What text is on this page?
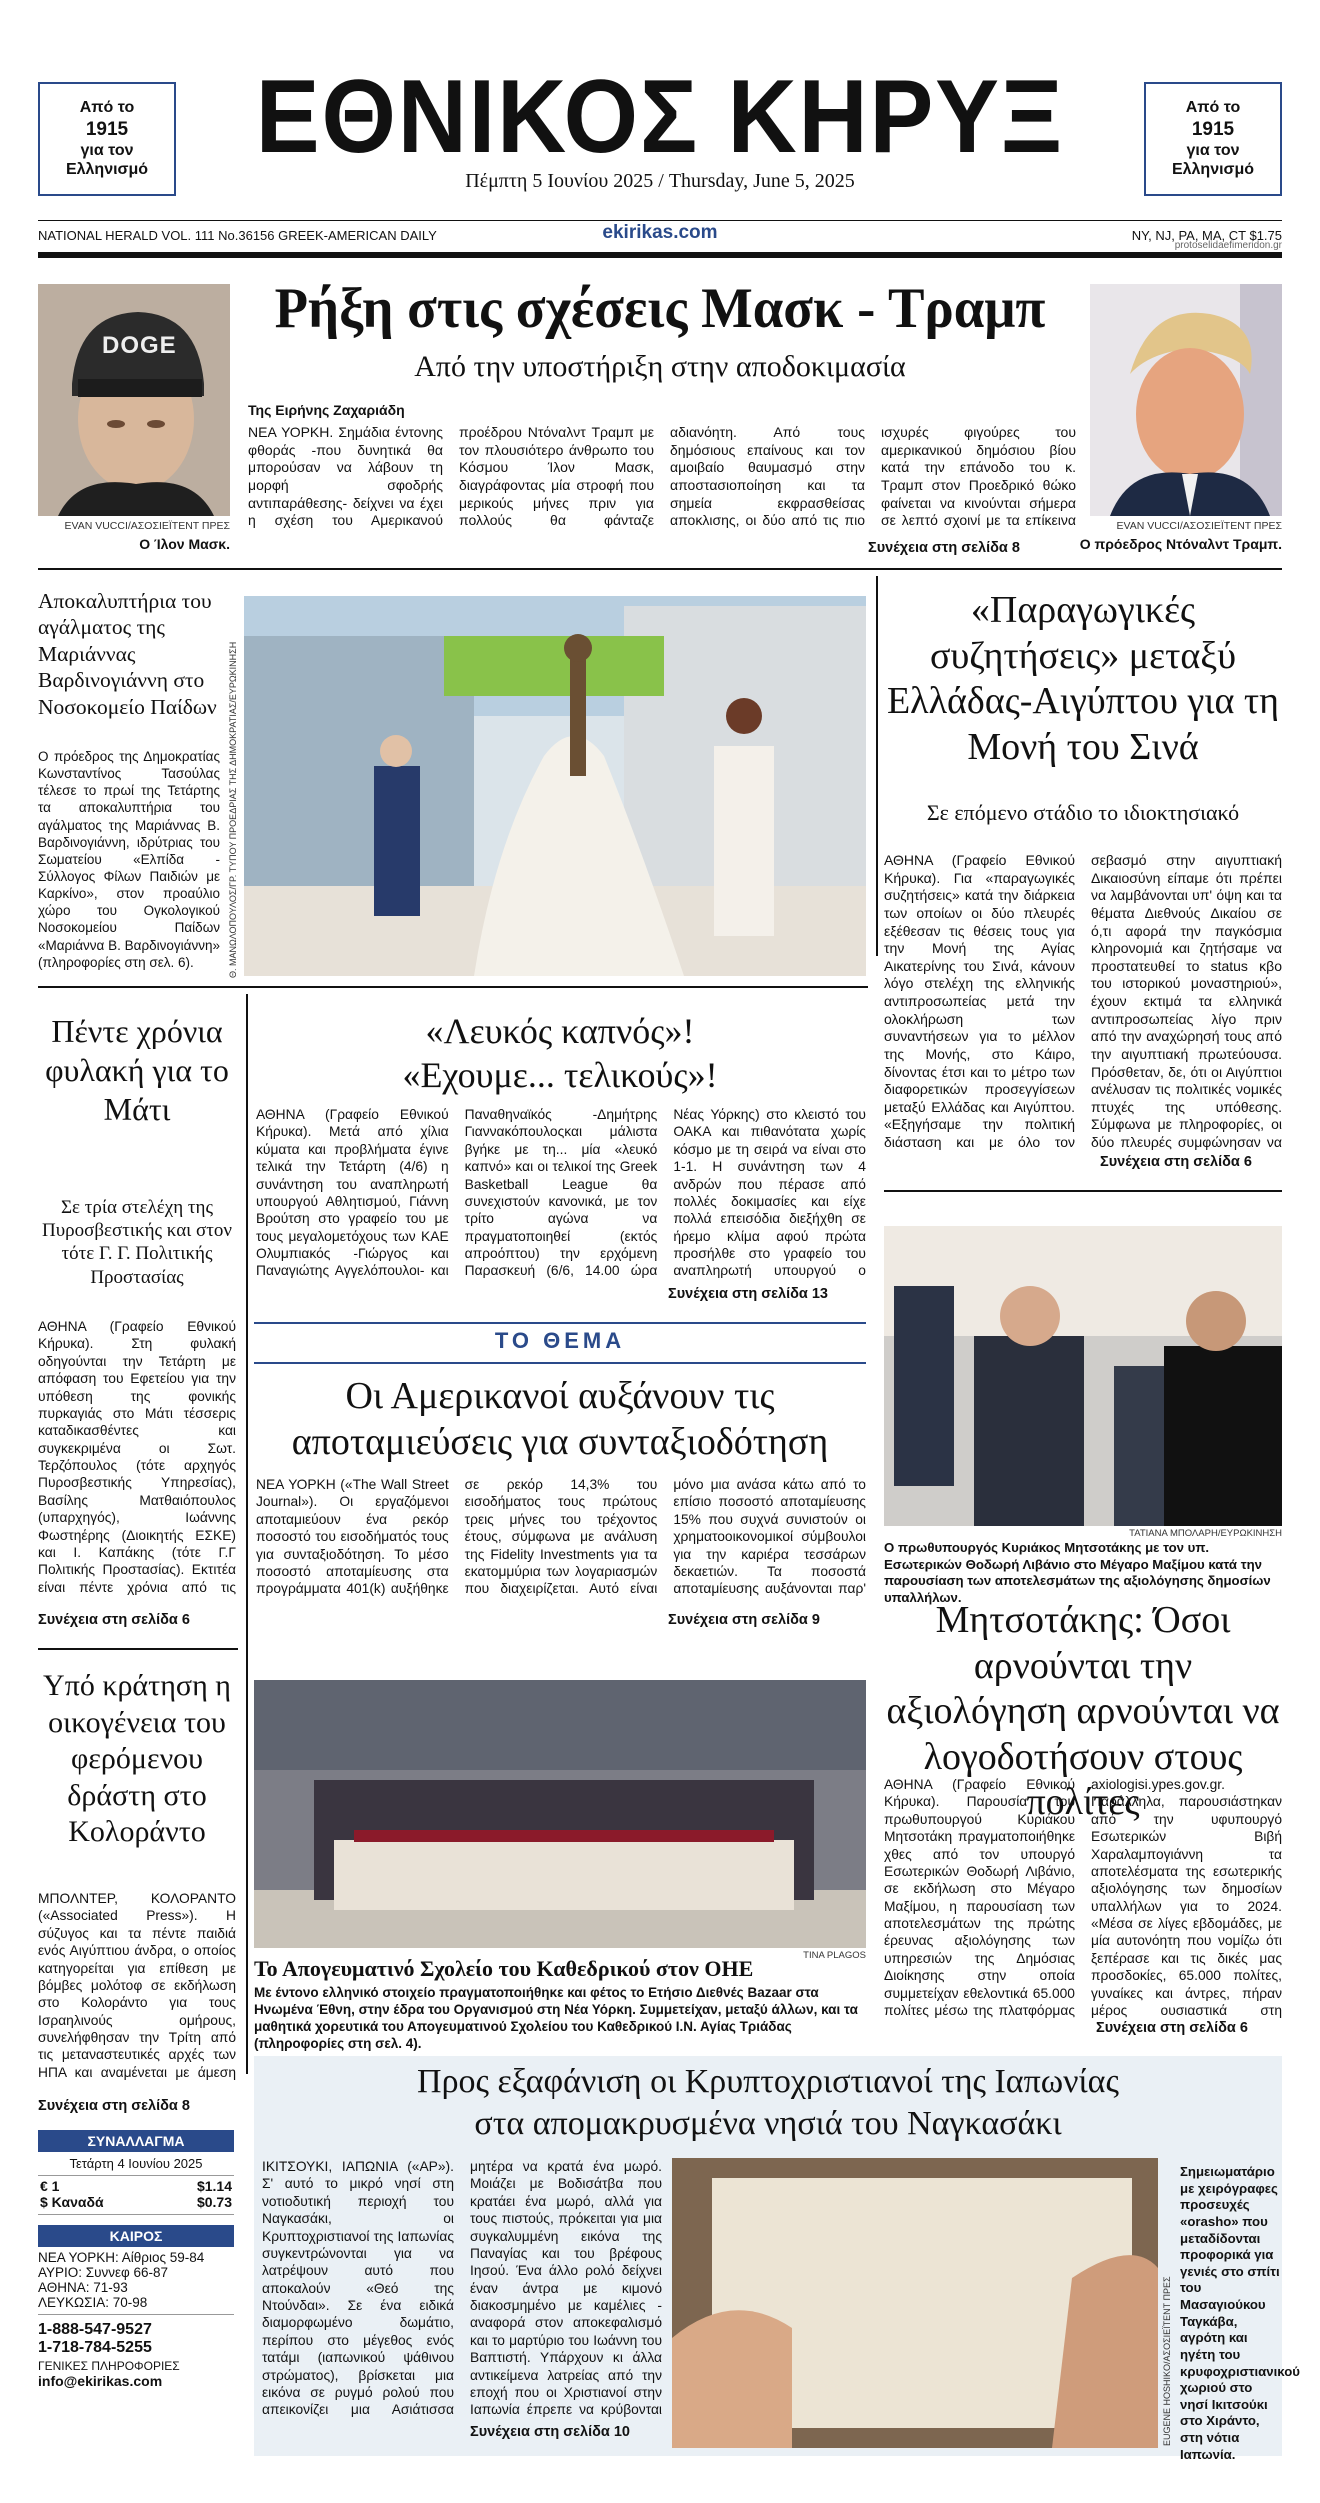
Από το
1915
για τον
Ελληνισμό
Από το
1915
για τον
Ελληνισμό
ΕΘΝΙΚΟΣ ΚΗΡΥΞ
Πέμπτη 5 Ιουνίου 2025 / Thursday, June 5, 2025
NATIONAL HERALD VOL. 111 No.36156 GREEK-AMERICAN DAILY	ekirikas.com	NY, NJ, PA, MA, CT $1.75
protoselidaefimeridon.gr
DOGE
EVAN VUCCI/ΑΣΟΣΙΕΪΤΕΝΤ ΠΡΕΣ
Ο Ίλον Μασκ.
Ρήξη στις σχέσεις Μασκ - Τραμπ
Από την υποστήριξη στην αποδοκιμασία
Της Ειρήνης Ζαχαριάδη
NEA ΥΟΡΚΗ. Σημάδια έντονης φθοράς -που δυνητικά θα μπορούσαν να λάβουν τη μορφή σφοδρής αντιπαράθεσης- δείχνει να έχει η σχέση του Αμερικανού προέδρου Ντόναλντ Τραμπ με τον πλουσιότερο άνθρωπο του Κόσμου Ίλον Μασκ, διαγράφοντας μία στροφή που μερικούς μήνες πριν για πολλούς θα φάνταζε αδιανόητη. Από τους δημόσιους επαίνους και τον αμοιβαίο θαυμασμό στην αποστασιοποίηση και τα σημεία εκφρασθείσας αποκλισης, οι δύο από τις πιο ισχυρές φιγούρες του αμερικανικού δημόσιου βίου κατά την επάνοδο του κ. Τραμπ στον Προεδρικό θώκο φαίνεται να κινούνται σήμερα σε λεπτό σχοινί με τα επίκεινα
Συνέχεια στη σελίδα 8
EVAN VUCCI/ΑΣΟΣΙΕΪΤΕΝΤ ΠΡΕΣ
Ο πρόεδρος Ντόναλντ Τραμπ.
Αποκαλυπτήρια του αγάλματος της Μαριάννας Βαρδινογιάννη στο Νοσοκομείο Παίδων
Ο πρόεδρος της Δημοκρατίας Κωνσταντίνος Τασούλας τέλεσε το πρωί της Τετάρτης τα αποκαλυπτήρια του αγάλματος της Μαριάννας Β. Βαρδινογιάννη, ιδρύτριας του Σωματείου «Ελπίδα - Σύλλογος Φίλων Παιδιών με Καρκίνο», στον προαύλιο χώρο του Ογκολογικού Νοσοκομείου Παίδων «Μαριάννα Β. Βαρδινογιάννη» (πληροφορίες στη σελ. 6).	Θ. ΜΑΝΩΛΟΠΟΥΛΟΣ/ΓΡ. ΤΥΠΟΥ ΠΡΟΕΔΡΙΑΣ ΤΗΣ ΔΗΜΟΚΡΑΤΙΑΣ/ΕΥΡΩΚΙΝΗΣΗ
«Παραγωγικές συζητήσεις» μεταξύ Ελλάδας-Αιγύπτου για τη Μονή του Σινά
Σε επόμενο στάδιο το ιδιοκτησιακό
ΑΘΗΝΑ (Γραφείο Εθνικού Κήρυκα). Για «παραγωγικές συζητήσεις» κατά την διάρκεια των οποίων οι δύο πλευρές εξέθεσαν τις θέσεις τους για την Μονή της Αγίας Αικατερίνης του Σινά, κάνουν λόγο στελέχη της ελληνικής αντιπροσωπείας μετά την ολοκλήρωση των συναντήσεων για το μέλλον της Μονής, στο Κάιρο, δίνοντας έτσι και το μέτρο των διαφορετικών προσεγγίσεων μεταξύ Ελλάδας και Αιγύπτου. «Εξηγήσαμε την πολιτική διάσταση και με όλο τον σεβασμό στην αιγυπτιακή Δικαιοσύνη είπαμε ότι πρέπει να λαμβάνονται υπ' όψη και τα θέματα Διεθνούς Δικαίου σε ό,τι αφορά την παγκόσμια κληρονομιά και ζητήσαμε να προστατευθεί το status κβο του ιστορικού μοναστηριού», έχουν εκτιμά τα ελληνικά αντιπροσωπείας λίγο πριν από την αναχώρησή τους από την αιγυπτιακή πρωτεύουσα. Πρόσθεταν, δε, ότι οι Αιγύπτιοι ανέλυσαν τις πολιτικές νομικές πτυχές της υπόθεσης. Σύμφωνα με πληροφορίες, οι δύο πλευρές συμφώνησαν να
Συνέχεια στη σελίδα 6
Πέντε χρόνια φυλακή για το Μάτι
Σε τρία στελέχη της Πυροσβεστικής και στον τότε Γ. Γ. Πολιτικής Προστασίας
ΑΘΗΝΑ (Γραφείο Εθνικού Κήρυκα). Στη φυλακή οδηγούνται την Τετάρτη με απόφαση του Εφετείου για την υπόθεση της φονικής πυρκαγιάς στο Μάτι τέσσερις καταδικασθέντες και συγκεκριμένα οι Σωτ. Τερζόπουλος (τότε αρχηγός Πυροσβεστικής Υπηρεσίας), Βασίλης Ματθαιόπουλος (υπαρχηγός), Ιωάννης Φωστηέρης (Διοικητής ΕΣΚΕ) και Ι. Καπάκης (τότε Γ.Γ Πολιτικής Προστασίας). Εκτιτέα είναι πέντε χρόνια από τις
Συνέχεια στη σελίδα 6
«Λευκός καπνός»!
«Εχουμε... τελικούς»!
ΑΘΗΝΑ (Γραφείο Εθνικού Κήρυκα). Μετά από χίλια κύματα και προβλήματα έγινε τελικά την Τετάρτη (4/6) η συνάντηση του αναπληρωτή υπουργού Αθλητισμού, Γιάννη Βρούτση στο γραφείο του με τους μεγαλομετόχους των ΚΑΕ Ολυμπιακός -Γιώργος και Παναγιώτης Αγγελόπουλοι- και Παναθηναϊκός -Δημήτρης Γιαννακόπουλοςκαι μάλιστα βγήκε με τη... μία «λευκό καπνό» και οι τελικοί της Greek Basketball League θα συνεχιστούν κανονικά, με τον τρίτο αγώνα να πραγματοποιηθεί (εκτός απροόπτου) την ερχόμενη Παρασκευή (6/6, 14.00 ώρα Νέας Υόρκης) στο κλειστό του ΟΑΚΑ και πιθανότατα χωρίς κόσμο με τη σειρά να είναι στο 1-1. Η συνάντηση των 4 ανδρών που πέρασε από πολλές δοκιμασίες και είχε πολλά επεισόδια διεξήχθη σε ήρεμο κλίμα αφού πρώτα προσήλθε στο γραφείο του αναπληρωτή υπουργού ο
Συνέχεια στη σελίδα 13
ΤΟ ΘΕΜΑ
Οι Αμερικανοί αυξάνουν τις αποταμιεύσεις για συνταξιοδότηση
NEA ΥΟΡΚΗ («The Wall Street Journal»). Οι εργαζόμενοι αποταμιεύουν ένα ρεκόρ ποσοστό του εισοδήματός τους για συνταξιοδότηση. Το μέσο ποσοστό αποταμίευσης στα προγράμματα 401(k) αυξήθηκε σε ρεκόρ 14,3% του εισοδήματος τους πρώτους τρεις μήνες του τρέχοντος έτους, σύμφωνα με ανάλυση της Fidelity Investments για τα εκατομμύρια των λογαριασμών που διαχειρίζεται. Αυτό είναι μόνο μια ανάσα κάτω από το επίσιο ποσοστό αποταμίευσης 15% που συχνά συνιστούν οι χρηματοοικονομικοί σύμβουλοι για την καριέρα τεσσάρων δεκαετιών. Τα ποσοστά αποταμίευσης αυξάνονται παρ'
Συνέχεια στη σελίδα 9
Υπό κράτηση η οικογένεια του φερόμενου δράστη στο Κολοράντο
ΜΠΟΛΝΤΕΡ, ΚΟΛΟΡΑΝΤΟ («Associated Press»). Η σύζυγος και τα πέντε παιδιά ενός Αιγύπτιου άνδρα, ο οποίος κατηγορείται για επίθεση με βόμβες μολότοφ σε εκδήλωση στο Κολοράντο για τους Ισραηλινούς ομήρους, συνελήφθησαν την Τρίτη από τις μεταναστευτικές αρχές των ΗΠΑ και αναμένεται με άμεση
Συνέχεια στη σελίδα 8
ΣΥΝΑΛΛΑΓΜΑ
Τετάρτη 4 Ιουνίου 2025
€ 1	$1.14
$ Καναδά	$0.73
ΚΑΙΡΟΣ
ΝΕΑ ΥΟΡΚΗ: Αίθριος 59-84
ΑΥΡΙΟ: Συννεφ 66-87
ΑΘΗΝΑ: 71-93
ΛΕΥΚΩΣΙΑ: 70-98
1-888-547-9527
1-718-784-5255
ΓΕΝΙΚΕΣ ΠΛΗΡΟΦΟΡΙΕΣ
info@ekirikas.com
TINA PLAGOS
Το Απογευματινό Σχολείο του Καθεδρικού στον ΟΗΕ
Με έντονο ελληνικό στοιχείο πραγματοποιήθηκε και φέτος το Ετήσιο Διεθνές Bazaar στα Ηνωμένα Έθνη, στην έδρα του Οργανισμού στη Νέα Υόρκη. Συμμετείχαν, μεταξύ άλλων, και τα μαθητικά χορευτικά του Απογευματινού Σχολείου του Καθεδρικού Ι.Ν. Αγίας Τριάδας (πληροφορίες στη σελ. 4).
ΤΑΤΙΑΝΑ ΜΠΟΛΑΡΗ/ΕΥΡΩΚΙΝΗΣΗ
Ο πρωθυπουργός Κυριάκος Μητσοτάκης με τον υπ. Εσωτερικών Θοδωρή Λιβάνιο στο Μέγαρο Μαξίμου κατά την παρουσίαση των αποτελεσμάτων της αξιολόγησης δημοσίων υπαλλήλων.
Μητσοτάκης: Όσοι αρνούνται την αξιολόγηση αρνούνται να λογοδοτήσουν στους πολίτες
ΑΘΗΝΑ (Γραφείο Εθνικού Κήρυκα). Παρουσία του πρωθυπουργού Κυριάκου Μητσοτάκη πραγματοποιήθηκε χθες από τον υπουργό Εσωτερικών Θοδωρή Λιβάνιο, σε εκδήλωση στο Μέγαρο Μαξίμου, η παρουσίαση των αποτελεσμάτων της πρώτης έρευνας αξιολόγησης των υπηρεσιών της Δημόσιας Διοίκησης στην οποία συμμετείχαν εθελοντικά 65.000 πολίτες μέσω της πλατφόρμας axiologisi.ypes.gov.gr. Παράλληλα, παρουσιάστηκαν από την υφυπουργό Εσωτερικών Βιβή Χαραλαμπογιάννη τα αποτελέσματα της εσωτερικής αξιολόγησης των δημοσίων υπαλλήλων για το 2024. «Μέσα σε λίγες εβδομάδες, με μία αυτονόητη που νομίζω ότι ξεπέρασε και τις δικές μας προσδοκίες, 65.000 πολίτες, γυναίκες και άντρες, πήραν μέρος ουσιαστικά στη
Συνέχεια στη σελίδα 6
Προς εξαφάνιση οι Κρυπτοχριστιανοί της Ιαπωνίας
στα απομακρυσμένα νησιά του Ναγκασάκι
ΙΚΙΤΣΟΥΚΙ, ΙΑΠΩΝΙΑ («AP»). Σ' αυτό το μικρό νησί στη νοτιοδυτική περιοχή του Ναγκασάκι, οι Κρυπτοχριστιανοί της Ιαπωνίας συγκεντρώνονται για να λατρέψουν αυτό που αποκαλούν «Θεό της Ντούνδαι». Σε ένα ειδικά διαμορφωμένο δωμάτιο, περίπου στο μέγεθος ενός τατάμι (ιαπωνικού ψάθινου στρώματος), βρίσκεται μια εικόνα σε ρυγμό ρολού που απεικονίζει μια Ασιάτισσα μητέρα να κρατά ένα μωρό. Μοιάζει με Βοδισάτβα που κρατάει ένα μωρό, αλλά για τους πιστούς, πρόκειται για μια συγκαλυμμένη εικόνα της Παναγίας και του βρέφους Ιησού. Ένα άλλο ρολό δείχνει έναν άντρα με κιμονό διακοσμημένο με καμέλιες - αναφορά στον αποκεφαλισμό και το μαρτύριο του Ιωάννη του Βαπτιστή. Υπάρχουν κι άλλα αντικείμενα λατρείας από την εποχή που οι Χριστιανοί στην Ιαπωνία έπρεπε να κρύβονται
Συνέχεια στη σελίδα 10	EUGENE HOSHIKO/ΑΣΟΣΙΕΪΤΕΝΤ ΠΡΕΣ
Σημειωματάριο με χειρόγραφες προσευχές «orasho» που μεταδίδονται προφορικά για γενιές στο σπίτι του Μασαγιούκου Ταγκάβα, αγρότη και ηγέτη του κρυφοχριστιανικού χωριού στο νησί Ικιτσούκι στο Χιράντο, στη νότια Ιαπωνία.
